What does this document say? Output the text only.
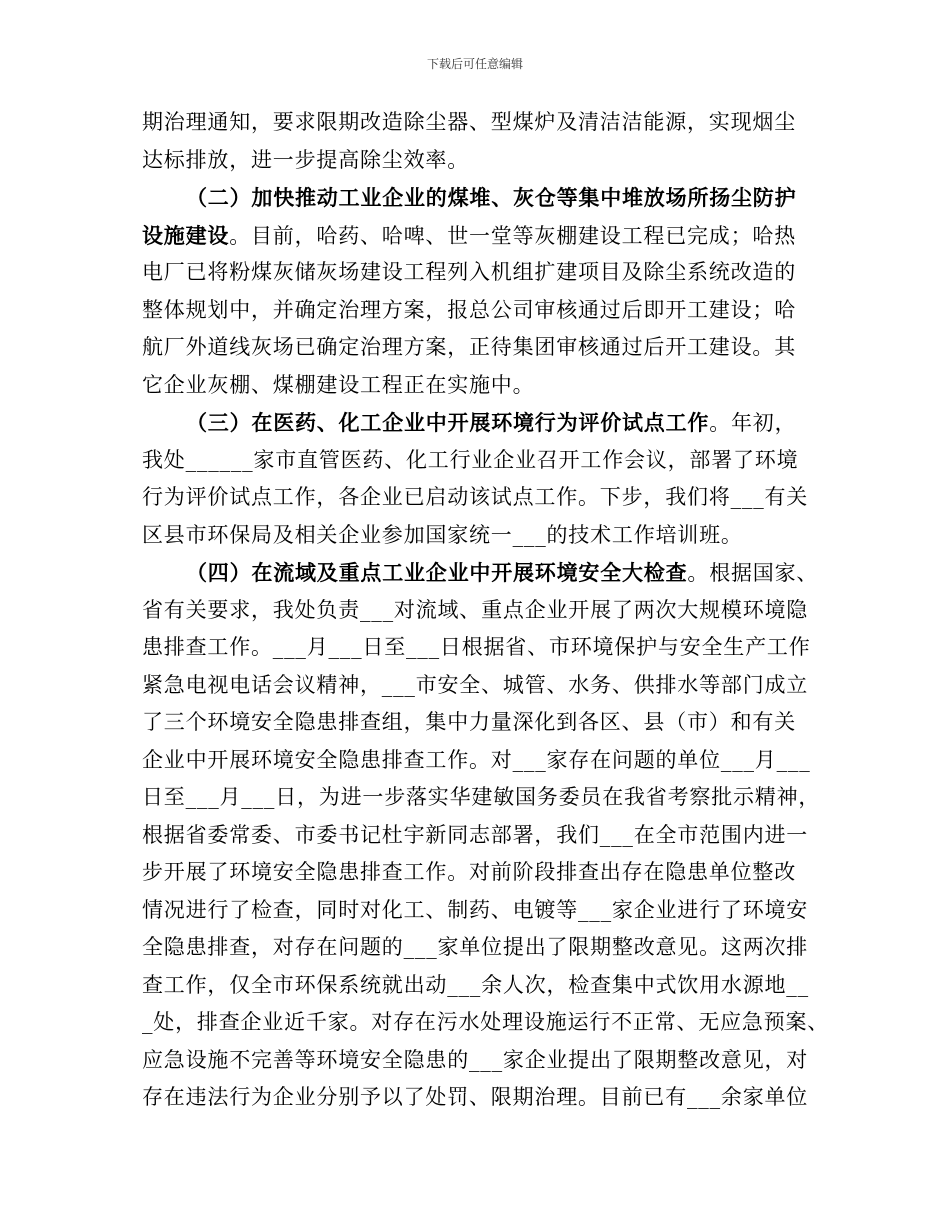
下载后可任意编辑
期治理通知，要求限期改造除尘器、型煤炉及清洁洁能源，实现烟尘
达标排放，进一步提高除尘效率。
（二）加快推动工业企业的煤堆、灰仓等集中堆放场所扬尘防护
设施建设。目前，哈药、哈啤、世一堂等灰棚建设工程已完成；哈热
电厂已将粉煤灰储灰场建设工程列入机组扩建项目及除尘系统改造的
整体规划中，并确定治理方案，报总公司审核通过后即开工建设；哈
航厂外道线灰场已确定治理方案，正待集团审核通过后开工建设。其
它企业灰棚、煤棚建设工程正在实施中。
（三）在医药、化工企业中开展环境行为评价试点工作。年初，
我处______家市直管医药、化工行业企业召开工作会议，部署了环境
行为评价试点工作，各企业已启动该试点工作。下步，我们将___有关
区县市环保局及相关企业参加国家统一___的技术工作培训班。
（四）在流域及重点工业企业中开展环境安全大检查。根据国家、
省有关要求，我处负责___对流域、重点企业开展了两次大规模环境隐
患排查工作。___月___日至___日根据省、市环境保护与安全生产工作
紧急电视电话会议精神，___市安全、城管、水务、供排水等部门成立
了三个环境安全隐患排查组，集中力量深化到各区、县（市）和有关
企业中开展环境安全隐患排查工作。对___家存在问题的单位___月___
日至___月___日，为进一步落实华建敏国务委员在我省考察批示精神，
根据省委常委、市委书记杜宇新同志部署，我们___在全市范围内进一
步开展了环境安全隐患排查工作。对前阶段排查出存在隐患单位整改
情况进行了检查，同时对化工、制药、电镀等___家企业进行了环境安
全隐患排查，对存在问题的___家单位提出了限期整改意见。这两次排
查工作，仅全市环保系统就出动___余人次，检查集中式饮用水源地__
_处，排查企业近千家。对存在污水处理设施运行不正常、无应急预案、
应急设施不完善等环境安全隐患的___家企业提出了限期整改意见，对
存在违法行为企业分别予以了处罚、限期治理。目前已有___余家单位
